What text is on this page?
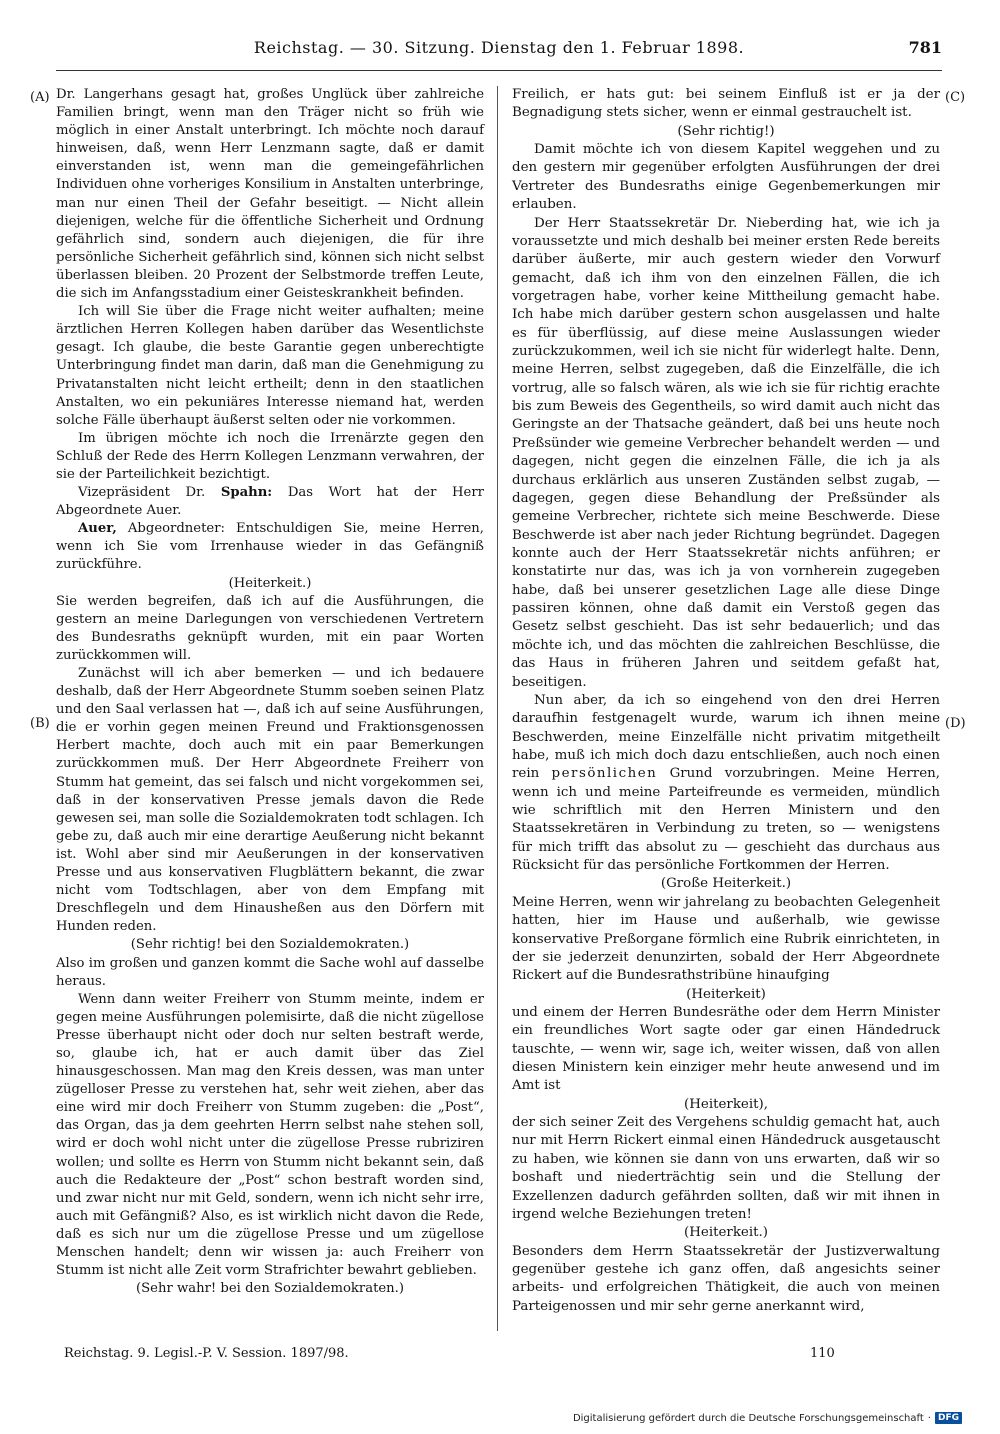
Reichstag. — 30. Sitzung. Dienstag den 1. Februar 1898.	781
(A)
(B)
(C)
(D)

Dr. Langerhans gesagt hat, großes Unglück über zahlreiche Familien bringt, wenn man den Träger nicht so früh wie möglich in einer Anstalt unterbringt. Ich möchte noch darauf hinweisen, daß, wenn Herr Lenzmann sagte, daß er damit einverstanden ist, wenn man die gemeingefährlichen Individuen ohne vorheriges Konsilium in Anstalten unterbringe, man nur einen Theil der Gefahr beseitigt. — Nicht allein diejenigen, welche für die öffentliche Sicherheit und Ordnung gefährlich sind, sondern auch diejenigen, die für ihre persönliche Sicherheit gefährlich sind, können sich nicht selbst überlassen bleiben. 20 Prozent der Selbstmorde treffen Leute, die sich im Anfangsstadium einer Geisteskrankheit befinden.

Ich will Sie über die Frage nicht weiter aufhalten; meine ärztlichen Herren Kollegen haben darüber das Wesentlichste gesagt. Ich glaube, die beste Garantie gegen unberechtigte Unterbringung findet man darin, daß man die Genehmigung zu Privatanstalten nicht leicht ertheilt; denn in den staatlichen Anstalten, wo ein pekuniäres Interesse niemand hat, werden solche Fälle überhaupt äußerst selten oder nie vorkommen.

Im übrigen möchte ich noch die Irrenärzte gegen den Schluß der Rede des Herrn Kollegen Lenzmann verwahren, der sie der Parteilichkeit bezichtigt.

Vizepräsident Dr. Spahn: Das Wort hat der Herr Abgeordnete Auer.

Auer, Abgeordneter: Entschuldigen Sie, meine Herren, wenn ich Sie vom Irrenhause wieder in das Gefängniß zurückführe.

(Heiterkeit.)

Sie werden begreifen, daß ich auf die Ausführungen, die gestern an meine Darlegungen von verschiedenen Vertretern des Bundesraths geknüpft wurden, mit ein paar Worten zurückkommen will.

Zunächst will ich aber bemerken — und ich bedauere deshalb, daß der Herr Abgeordnete Stumm soeben seinen Platz und den Saal verlassen hat —, daß ich auf seine Ausführungen, die er vorhin gegen meinen Freund und Fraktionsgenossen Herbert machte, doch auch mit ein paar Bemerkungen zurückkommen muß. Der Herr Abgeordnete Freiherr von Stumm hat gemeint, das sei falsch und nicht vorgekommen sei, daß in der konservativen Presse jemals davon die Rede gewesen sei, man solle die Sozialdemokraten todt schlagen. Ich gebe zu, daß auch mir eine derartige Aeußerung nicht bekannt ist. Wohl aber sind mir Aeußerungen in der konservativen Presse und aus konservativen Flugblättern bekannt, die zwar nicht vom Todtschlagen, aber von dem Empfang mit Dreschflegeln und dem Hinausheßen aus den Dörfern mit Hunden reden.

(Sehr richtig! bei den Sozialdemokraten.)

Also im großen und ganzen kommt die Sache wohl auf dasselbe heraus.

Wenn dann weiter Freiherr von Stumm meinte, indem er gegen meine Ausführungen polemisirte, daß die nicht zügellose Presse überhaupt nicht oder doch nur selten bestraft werde, so, glaube ich, hat er auch damit über das Ziel hinausgeschossen. Man mag den Kreis dessen, was man unter zügelloser Presse zu verstehen hat, sehr weit ziehen, aber das eine wird mir doch Freiherr von Stumm zugeben: die „Post“, das Organ, das ja dem geehrten Herrn selbst nahe stehen soll, wird er doch wohl nicht unter die zügellose Presse rubriziren wollen; und sollte es Herrn von Stumm nicht bekannt sein, daß auch die Redakteure der „Post“ schon bestraft worden sind, und zwar nicht nur mit Geld, sondern, wenn ich nicht sehr irre, auch mit Gefängniß? Also, es ist wirklich nicht davon die Rede, daß es sich nur um die zügellose Presse und um zügellose Menschen handelt; denn wir wissen ja: auch Freiherr von Stumm ist nicht alle Zeit vorm Strafrichter bewahrt geblieben.

(Sehr wahr! bei den Sozialdemokraten.)

Freilich, er hats gut: bei seinem Einfluß ist er ja der Begnadigung stets sicher, wenn er einmal gestrauchelt ist.

(Sehr richtig!)

Damit möchte ich von diesem Kapitel weggehen und zu den gestern mir gegenüber erfolgten Ausführungen der drei Vertreter des Bundesraths einige Gegenbemerkungen mir erlauben.

Der Herr Staatssekretär Dr. Nieberding hat, wie ich ja voraussetzte und mich deshalb bei meiner ersten Rede bereits darüber äußerte, mir auch gestern wieder den Vorwurf gemacht, daß ich ihm von den einzelnen Fällen, die ich vorgetragen habe, vorher keine Mittheilung gemacht habe. Ich habe mich darüber gestern schon ausgelassen und halte es für überflüssig, auf diese meine Auslassungen wieder zurückzukommen, weil ich sie nicht für widerlegt halte. Denn, meine Herren, selbst zugegeben, daß die Einzelfälle, die ich vortrug, alle so falsch wären, als wie ich sie für richtig erachte bis zum Beweis des Gegentheils, so wird damit auch nicht das Geringste an der Thatsache geändert, daß bei uns heute noch Preßsünder wie gemeine Verbrecher behandelt werden — und dagegen, nicht gegen die einzelnen Fälle, die ich ja als durchaus erklärlich aus unseren Zuständen selbst zugab, — dagegen, gegen diese Behandlung der Preßsünder als gemeine Verbrecher, richtete sich meine Beschwerde. Diese Beschwerde ist aber nach jeder Richtung begründet. Dagegen konnte auch der Herr Staatssekretär nichts anführen; er konstatirte nur das, was ich ja von vornherein zugegeben habe, daß bei unserer gesetzlichen Lage alle diese Dinge passiren können, ohne daß damit ein Verstoß gegen das Gesetz selbst geschieht. Das ist sehr bedauerlich; und das möchte ich, und das möchten die zahlreichen Beschlüsse, die das Haus in früheren Jahren und seitdem gefaßt hat, beseitigen.

Nun aber, da ich so eingehend von den drei Herren daraufhin festgenagelt wurde, warum ich ihnen meine Beschwerden, meine Einzelfälle nicht privatim mitgetheilt habe, muß ich mich doch dazu entschließen, auch noch einen rein persönlichen Grund vorzubringen. Meine Herren, wenn ich und meine Parteifreunde es vermeiden, mündlich wie schriftlich mit den Herren Ministern und den Staatssekretären in Verbindung zu treten, so — wenigstens für mich trifft das absolut zu — geschieht das durchaus aus Rücksicht für das persönliche Fortkommen der Herren.

(Große Heiterkeit.)

Meine Herren, wenn wir jahrelang zu beobachten Gelegenheit hatten, hier im Hause und außerhalb, wie gewisse konservative Preßorgane förmlich eine Rubrik einrichteten, in der sie jederzeit denunzirten, sobald der Herr Abgeordnete Rickert auf die Bundesrathstribüne hinaufging

(Heiterkeit)

und einem der Herren Bundesräthe oder dem Herrn Minister ein freundliches Wort sagte oder gar einen Händedruck tauschte, — wenn wir, sage ich, weiter wissen, daß von allen diesen Ministern kein einziger mehr heute anwesend und im Amt ist

(Heiterkeit),

der sich seiner Zeit des Vergehens schuldig gemacht hat, auch nur mit Herrn Rickert einmal einen Händedruck ausgetauscht zu haben, wie können sie dann von uns erwarten, daß wir so boshaft und niederträchtig sein und die Stellung der Exzellenzen dadurch gefährden sollten, daß wir mit ihnen in irgend welche Beziehungen treten!

(Heiterkeit.)

Besonders dem Herrn Staatssekretär der Justizverwaltung gegenüber gestehe ich ganz offen, daß angesichts seiner arbeits- und erfolgreichen Thätigkeit, die auch von meinen Parteigenossen und mir sehr gerne anerkannt wird,

Reichstag. 9. Legisl.-P. V. Session. 1897/98.	110
Digitalisierung gefördert durch die Deutsche Forschungsgemeinschaft · DFG
